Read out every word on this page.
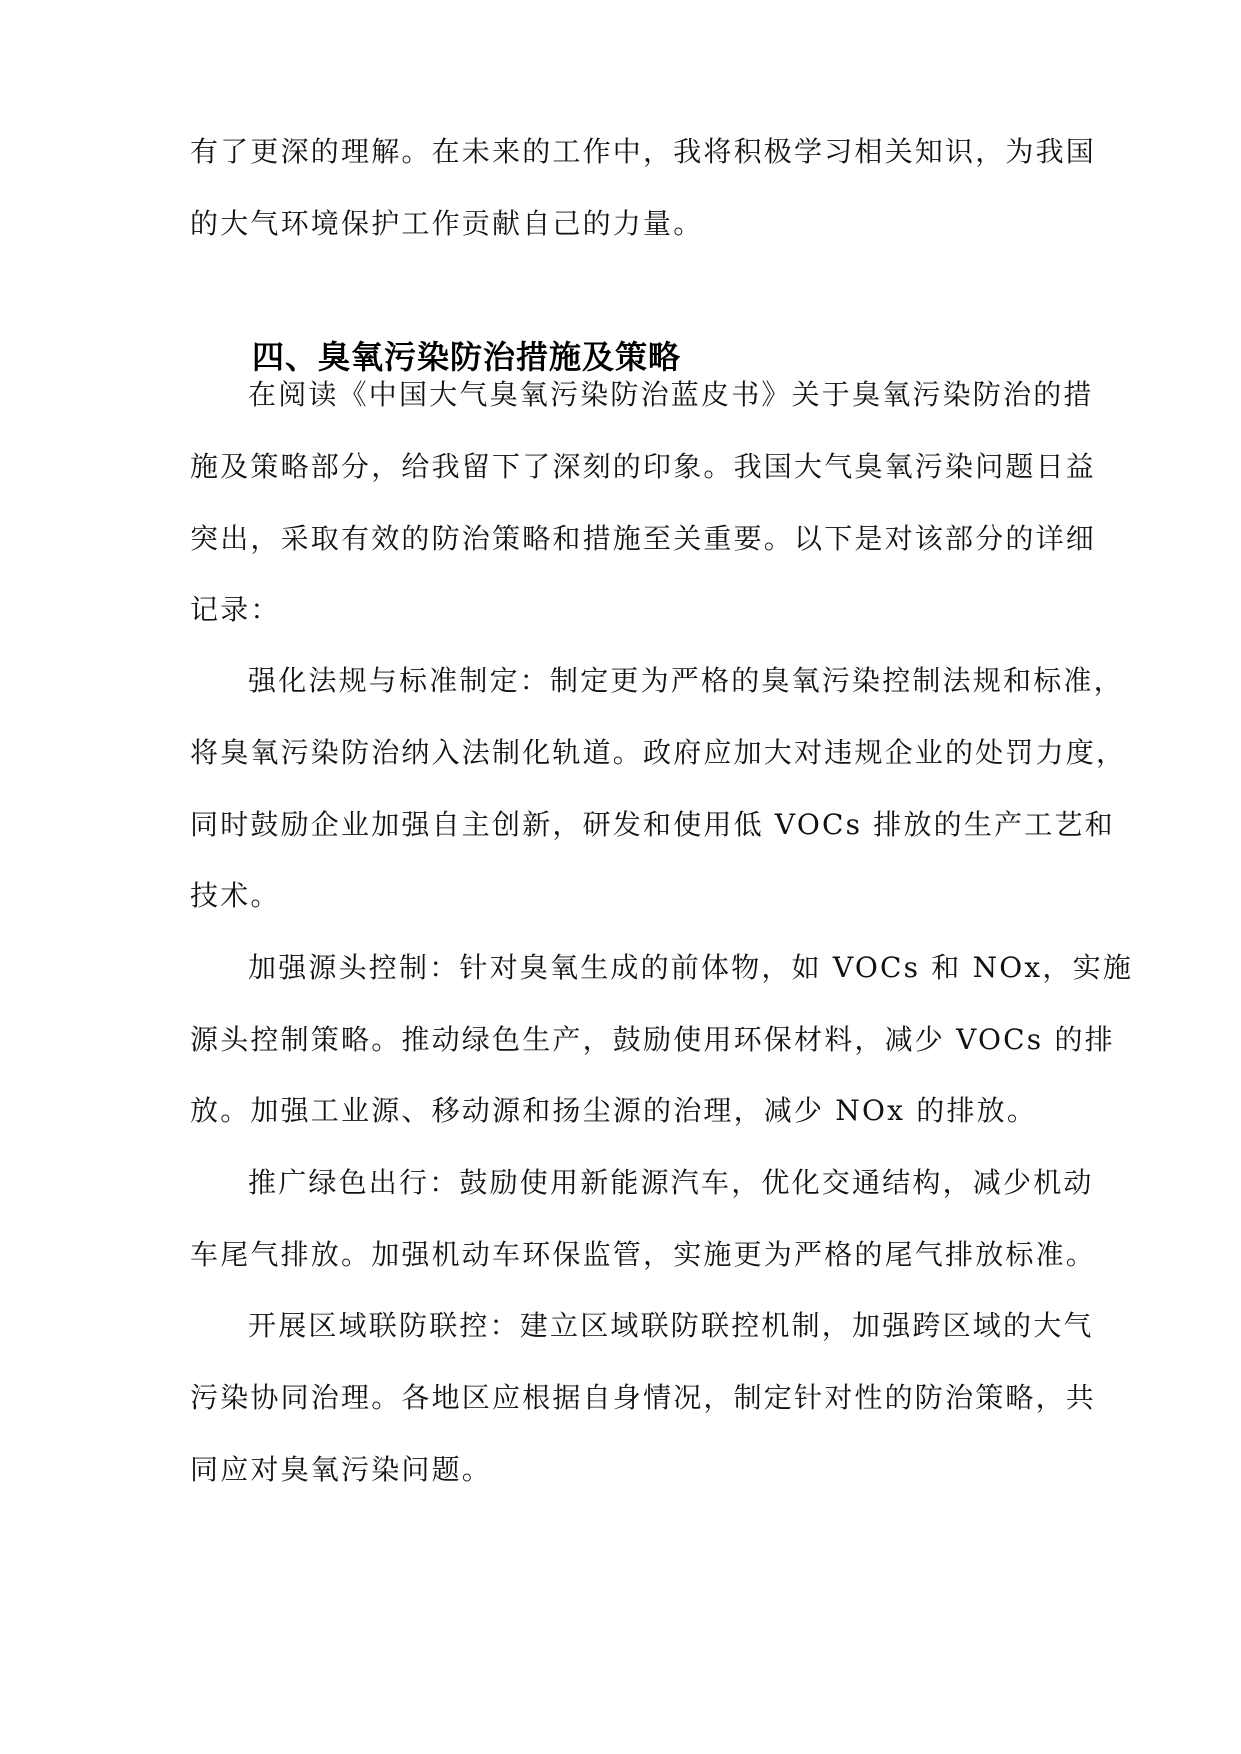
有了更深的理解。在未来的工作中，我将积极学习相关知识，为我国
的大气环境保护工作贡献自己的力量。
四、臭氧污染防治措施及策略
在阅读《中国大气臭氧污染防治蓝皮书》关于臭氧污染防治的措
施及策略部分，给我留下了深刻的印象。我国大气臭氧污染问题日益
突出，采取有效的防治策略和措施至关重要。以下是对该部分的详细
记录：
强化法规与标准制定：制定更为严格的臭氧污染控制法规和标准，
将臭氧污染防治纳入法制化轨道。政府应加大对违规企业的处罚力度，
同时鼓励企业加强自主创新，研发和使用低 VOCs 排放的生产工艺和
技术。
加强源头控制：针对臭氧生成的前体物，如 VOCs 和 NOx，实施
源头控制策略。推动绿色生产，鼓励使用环保材料，减少 VOCs 的排
放。加强工业源、移动源和扬尘源的治理，减少 NOx 的排放。
推广绿色出行：鼓励使用新能源汽车，优化交通结构，减少机动
车尾气排放。加强机动车环保监管，实施更为严格的尾气排放标准。
开展区域联防联控：建立区域联防联控机制，加强跨区域的大气
污染协同治理。各地区应根据自身情况，制定针对性的防治策略，共
同应对臭氧污染问题。
